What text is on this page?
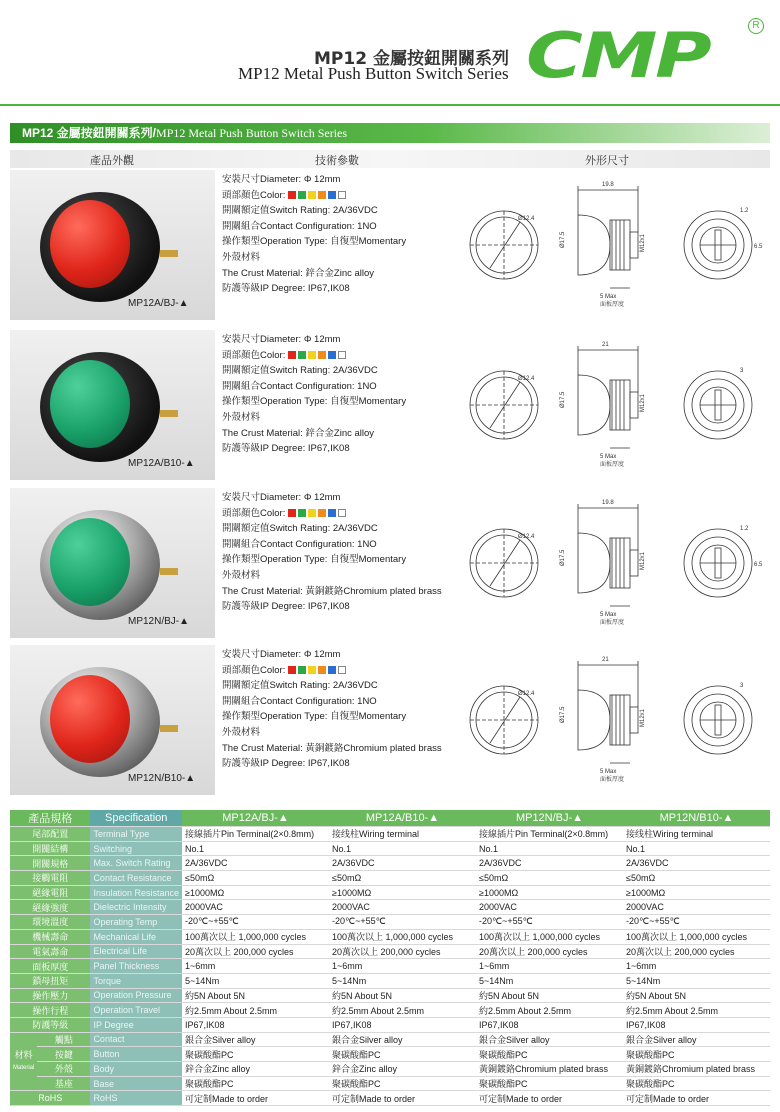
MP12 金屬按鈕開關系列
MP12 Metal Push Button Switch Series CMP	R
MP12 金屬按鈕開關系列/MP12 Metal Push Button Switch Series
產品外觀	技術參數	外形尺寸
MP12A/BJ-▲
安裝尺寸Diameter: Φ 12mm
頭部顏色Color:
開關額定值Switch Rating: 2A/36VDC
開關組合Contact Configuration: 1NO
操作類型Operation Type: 自復型Momentary
外殼材料
The Crust Material: 鋅合金Zinc alloy
防護等級IP Degree: IP67,IK08
Ø12.4
19.8
5 Max
面板厚度
Ø17.5	M12x1
1.2
6.5
MP12A/B10-▲
安裝尺寸Diameter: Φ 12mm
頭部顏色Color:
開關額定值Switch Rating: 2A/36VDC
開關組合Contact Configuration: 1NO
操作類型Operation Type: 自復型Momentary
外殼材料
The Crust Material: 鋅合金Zinc alloy
防護等級IP Degree: IP67,IK08
Ø12.4
21
5 Max
面板厚度
Ø17.5	M12x1
3
MP12N/BJ-▲
安裝尺寸Diameter: Φ 12mm
頭部顏色Color:
開關額定值Switch Rating: 2A/36VDC
開關組合Contact Configuration: 1NO
操作類型Operation Type: 自復型Momentary
外殼材料
The Crust Material: 黃銅鍍鉻Chromium plated brass
防護等級IP Degree: IP67,IK08
Ø12.4
19.8
5 Max
面板厚度
Ø17.5	M12x1
1.2
6.5
MP12N/B10-▲
安裝尺寸Diameter: Φ 12mm
頭部顏色Color:
開關額定值Switch Rating: 2A/36VDC
開關組合Contact Configuration: 1NO
操作類型Operation Type: 自復型Momentary
外殼材料
The Crust Material: 黃銅鍍鉻Chromium plated brass
防護等級IP Degree: IP67,IK08
Ø12.4
21
5 Max
面板厚度
Ø17.5	M12x1
3
產品規格		Specification	MP12A/BJ-▲	MP12A/B10-▲	MP12N/BJ-▲	MP12N/B10-▲
尾部配置		Terminal Type	接線插片Pin Terminal(2×0.8mm)	接线柱Wiring terminal	接線插片Pin Terminal(2×0.8mm)	接线柱Wiring terminal
開關結構		Switching	No.1	No.1	No.1	No.1
開關規格		Max. Switch Rating	2A/36VDC	2A/36VDC	2A/36VDC	2A/36VDC
接觸電阻		Contact Resistance	≤50mΩ	≤50mΩ	≤50mΩ	≤50mΩ
絕緣電阻		Insulation Resistance	≥1000MΩ	≥1000MΩ	≥1000MΩ	≥1000MΩ
絕緣強度		Dielectric Intensity	2000VAC	2000VAC	2000VAC	2000VAC
環境溫度		Operating Temp	-20℃~+55℃	-20℃~+55℃	-20℃~+55℃	-20℃~+55℃
機械壽命		Mechanical Life	100萬次以上 1,000,000 cycles	100萬次以上 1,000,000 cycles	100萬次以上 1,000,000 cycles	100萬次以上 1,000,000 cycles
電氣壽命		Electrical Life	20萬次以上 200,000 cycles	20萬次以上 200,000 cycles	20萬次以上 200,000 cycles	20萬次以上 200,000 cycles
面板厚度		Panel Thickness	1~6mm	1~6mm	1~6mm	1~6mm
鎖母扭矩		Torque	5~14Nm	5~14Nm	5~14Nm	5~14Nm
操作壓力		Operation Pressure	約5N About 5N	約5N About 5N	約5N About 5N	約5N About 5N
操作行程		Operation Travel	約2.5mm About 2.5mm	約2.5mm About 2.5mm	約2.5mm About 2.5mm	約2.5mm About 2.5mm
防護等級		IP Degree	IP67,IK08	IP67,IK08	IP67,IK08	IP67,IK08
材料
Material	觸點	Contact	銀合金Silver alloy	銀合金Silver alloy	銀合金Silver alloy	銀合金Silver alloy
	按鍵	Button	聚碳酸酯PC	聚碳酸酯PC	聚碳酸酯PC	聚碳酸酯PC
	外殼	Body	鋅合金Zinc alloy	鋅合金Zinc alloy	黃銅鍍鉻Chromium plated brass	黃銅鍍鉻Chromium plated brass
	基座	Base	聚碳酸酯PC	聚碳酸酯PC	聚碳酸酯PC	聚碳酸酯PC
RoHS		RoHS	可定制Made to order	可定制Made to order	可定制Made to order	可定制Made to order
